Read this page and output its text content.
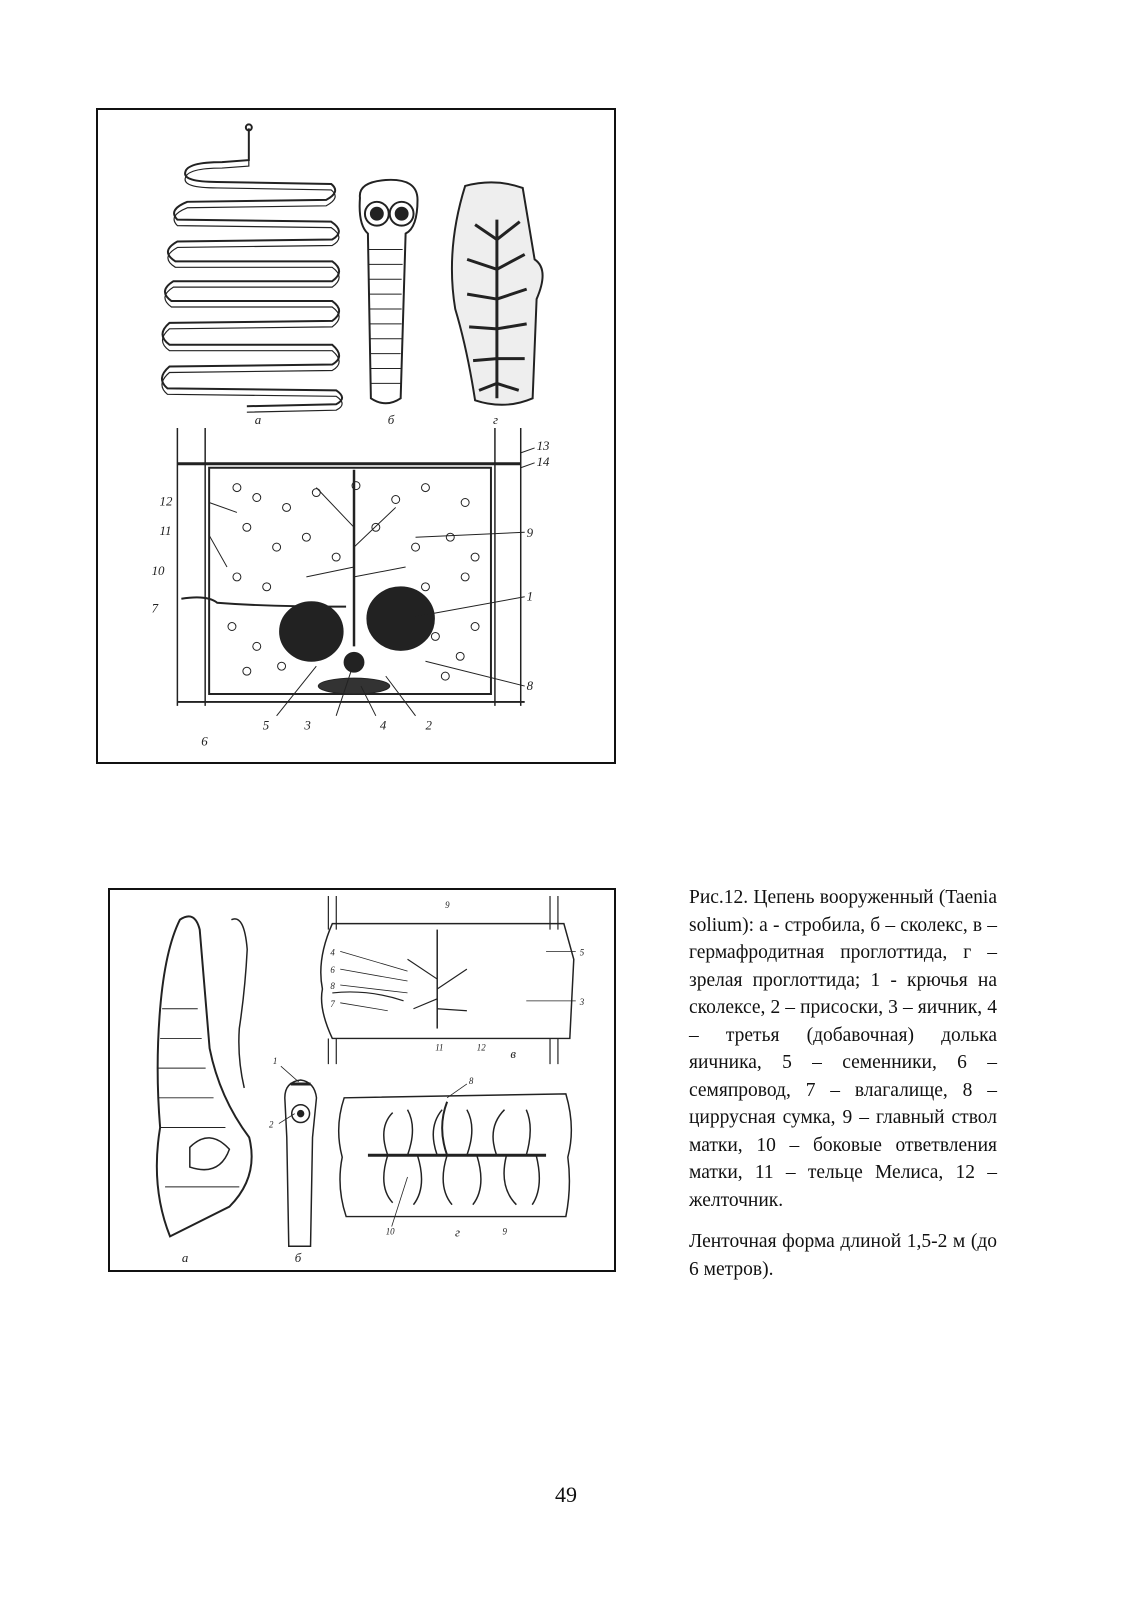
а	б	г
13
14
12
11	9
10
7
1
8
5	3	4	2
6
9
4
6
8
7
5
3
11	12
1
2
8
10	9
а	б
в
г

Рис.12. Цепень вооруженный (Taenia solium): а - стробила, б – сколекс, в – гермафродитная проглоттида, г – зрелая проглоттида; 1 - крючья на сколексе, 2 – присоски, 3 – яичник, 4 – третья (добавочная) долька яичника, 5 – семенники, 6 – семяпровод, 7 – влагалище, 8 – циррусная сумка, 9 – главный ствол матки, 10 – боковые ответвления матки, 11 – тельце Мелиса, 12 – желточник.

Ленточная форма длиной 1,5-2 м (до 6 метров).

49
